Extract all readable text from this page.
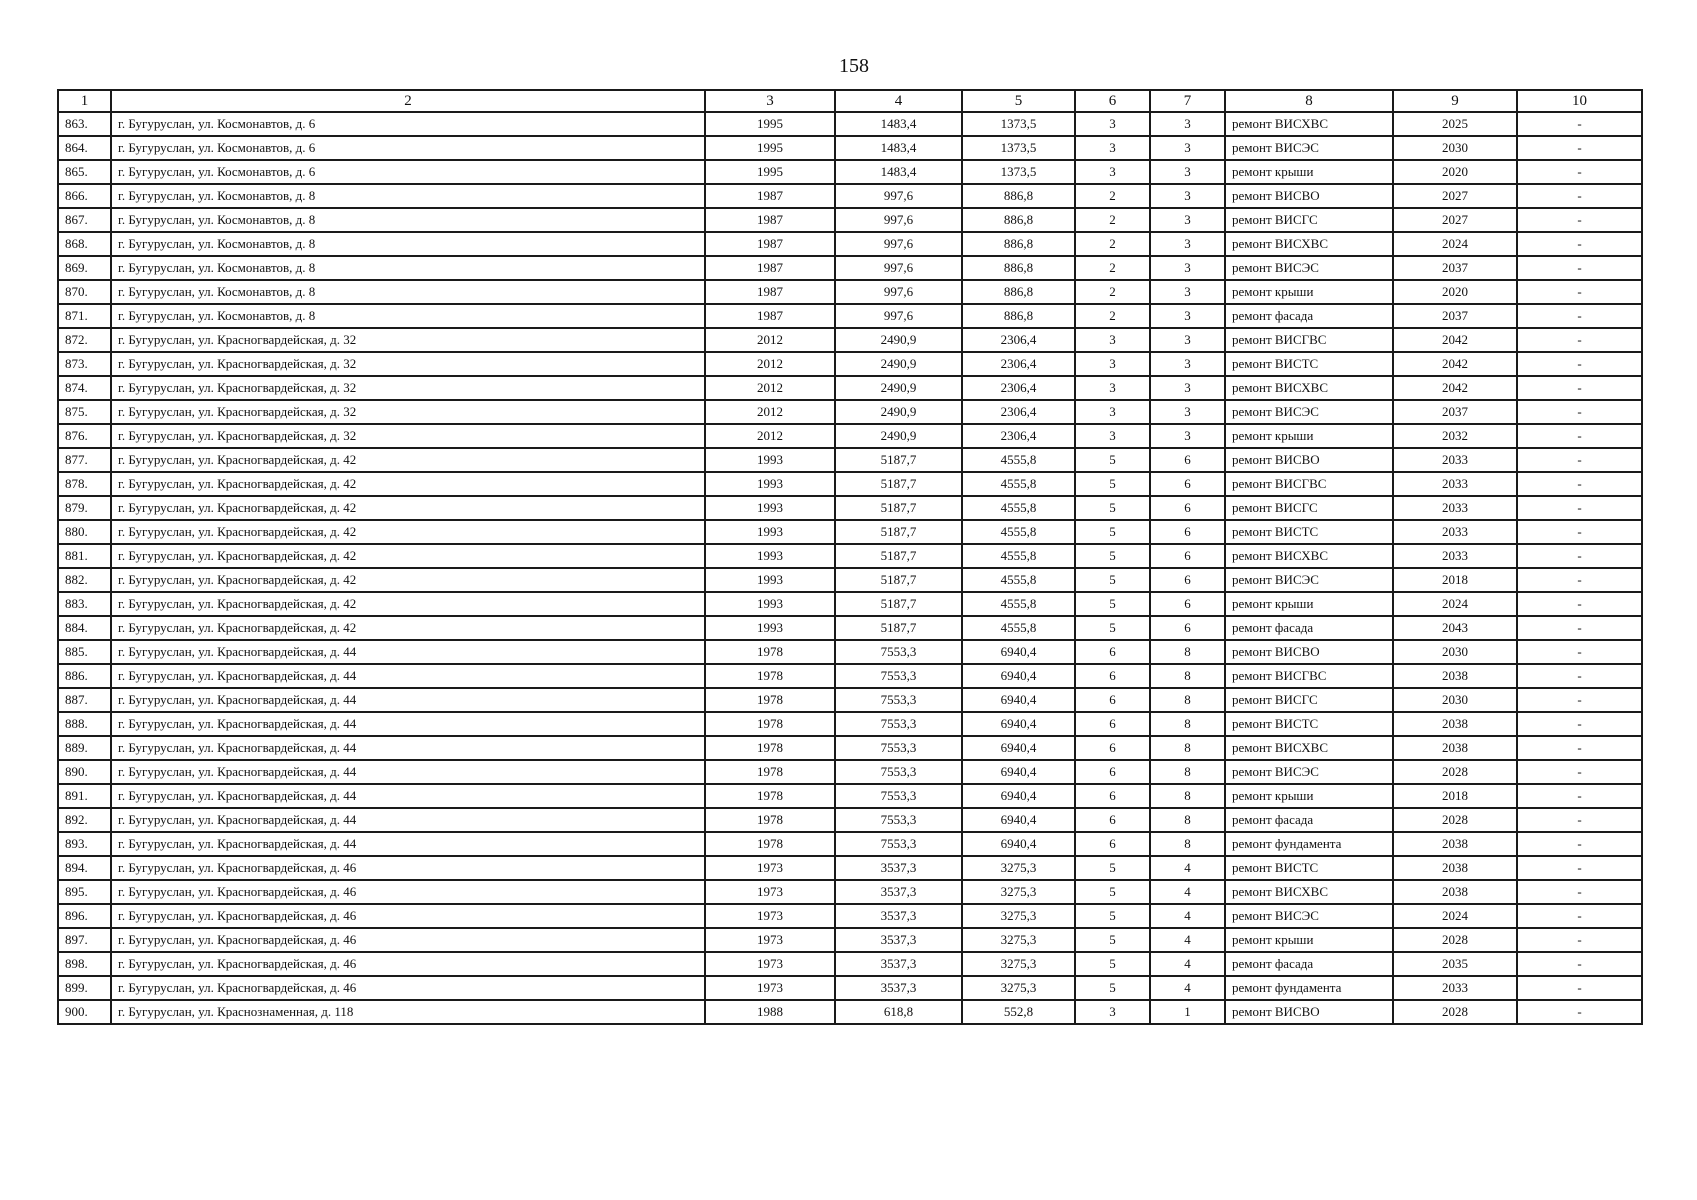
158
1	2	3	4	5	6	7	8	9	10
863.	г. Бугуруслан, ул. Космонавтов, д. 6	1995	1483,4	1373,5	3	3	ремонт ВИСХВС	2025	-
864.	г. Бугуруслан, ул. Космонавтов, д. 6	1995	1483,4	1373,5	3	3	ремонт ВИСЭС	2030	-
865.	г. Бугуруслан, ул. Космонавтов, д. 6	1995	1483,4	1373,5	3	3	ремонт крыши	2020	-
866.	г. Бугуруслан, ул. Космонавтов, д. 8	1987	997,6	886,8	2	3	ремонт ВИСВО	2027	-
867.	г. Бугуруслан, ул. Космонавтов, д. 8	1987	997,6	886,8	2	3	ремонт ВИСГС	2027	-
868.	г. Бугуруслан, ул. Космонавтов, д. 8	1987	997,6	886,8	2	3	ремонт ВИСХВС	2024	-
869.	г. Бугуруслан, ул. Космонавтов, д. 8	1987	997,6	886,8	2	3	ремонт ВИСЭС	2037	-
870.	г. Бугуруслан, ул. Космонавтов, д. 8	1987	997,6	886,8	2	3	ремонт крыши	2020	-
871.	г. Бугуруслан, ул. Космонавтов, д. 8	1987	997,6	886,8	2	3	ремонт фасада	2037	-
872.	г. Бугуруслан, ул. Красногвардейская, д. 32	2012	2490,9	2306,4	3	3	ремонт ВИСГВС	2042	-
873.	г. Бугуруслан, ул. Красногвардейская, д. 32	2012	2490,9	2306,4	3	3	ремонт ВИСТС	2042	-
874.	г. Бугуруслан, ул. Красногвардейская, д. 32	2012	2490,9	2306,4	3	3	ремонт ВИСХВС	2042	-
875.	г. Бугуруслан, ул. Красногвардейская, д. 32	2012	2490,9	2306,4	3	3	ремонт ВИСЭС	2037	-
876.	г. Бугуруслан, ул. Красногвардейская, д. 32	2012	2490,9	2306,4	3	3	ремонт крыши	2032	-
877.	г. Бугуруслан, ул. Красногвардейская, д. 42	1993	5187,7	4555,8	5	6	ремонт ВИСВО	2033	-
878.	г. Бугуруслан, ул. Красногвардейская, д. 42	1993	5187,7	4555,8	5	6	ремонт ВИСГВС	2033	-
879.	г. Бугуруслан, ул. Красногвардейская, д. 42	1993	5187,7	4555,8	5	6	ремонт ВИСГС	2033	-
880.	г. Бугуруслан, ул. Красногвардейская, д. 42	1993	5187,7	4555,8	5	6	ремонт ВИСТС	2033	-
881.	г. Бугуруслан, ул. Красногвардейская, д. 42	1993	5187,7	4555,8	5	6	ремонт ВИСХВС	2033	-
882.	г. Бугуруслан, ул. Красногвардейская, д. 42	1993	5187,7	4555,8	5	6	ремонт ВИСЭС	2018	-
883.	г. Бугуруслан, ул. Красногвардейская, д. 42	1993	5187,7	4555,8	5	6	ремонт крыши	2024	-
884.	г. Бугуруслан, ул. Красногвардейская, д. 42	1993	5187,7	4555,8	5	6	ремонт фасада	2043	-
885.	г. Бугуруслан, ул. Красногвардейская, д. 44	1978	7553,3	6940,4	6	8	ремонт ВИСВО	2030	-
886.	г. Бугуруслан, ул. Красногвардейская, д. 44	1978	7553,3	6940,4	6	8	ремонт ВИСГВС	2038	-
887.	г. Бугуруслан, ул. Красногвардейская, д. 44	1978	7553,3	6940,4	6	8	ремонт ВИСГС	2030	-
888.	г. Бугуруслан, ул. Красногвардейская, д. 44	1978	7553,3	6940,4	6	8	ремонт ВИСТС	2038	-
889.	г. Бугуруслан, ул. Красногвардейская, д. 44	1978	7553,3	6940,4	6	8	ремонт ВИСХВС	2038	-
890.	г. Бугуруслан, ул. Красногвардейская, д. 44	1978	7553,3	6940,4	6	8	ремонт ВИСЭС	2028	-
891.	г. Бугуруслан, ул. Красногвардейская, д. 44	1978	7553,3	6940,4	6	8	ремонт крыши	2018	-
892.	г. Бугуруслан, ул. Красногвардейская, д. 44	1978	7553,3	6940,4	6	8	ремонт фасада	2028	-
893.	г. Бугуруслан, ул. Красногвардейская, д. 44	1978	7553,3	6940,4	6	8	ремонт фундамента	2038	-
894.	г. Бугуруслан, ул. Красногвардейская, д. 46	1973	3537,3	3275,3	5	4	ремонт ВИСТС	2038	-
895.	г. Бугуруслан, ул. Красногвардейская, д. 46	1973	3537,3	3275,3	5	4	ремонт ВИСХВС	2038	-
896.	г. Бугуруслан, ул. Красногвардейская, д. 46	1973	3537,3	3275,3	5	4	ремонт ВИСЭС	2024	-
897.	г. Бугуруслан, ул. Красногвардейская, д. 46	1973	3537,3	3275,3	5	4	ремонт крыши	2028	-
898.	г. Бугуруслан, ул. Красногвардейская, д. 46	1973	3537,3	3275,3	5	4	ремонт фасада	2035	-
899.	г. Бугуруслан, ул. Красногвардейская, д. 46	1973	3537,3	3275,3	5	4	ремонт фундамента	2033	-
900.	г. Бугуруслан, ул. Краснознаменная, д. 118	1988	618,8	552,8	3	1	ремонт ВИСВО	2028	-
